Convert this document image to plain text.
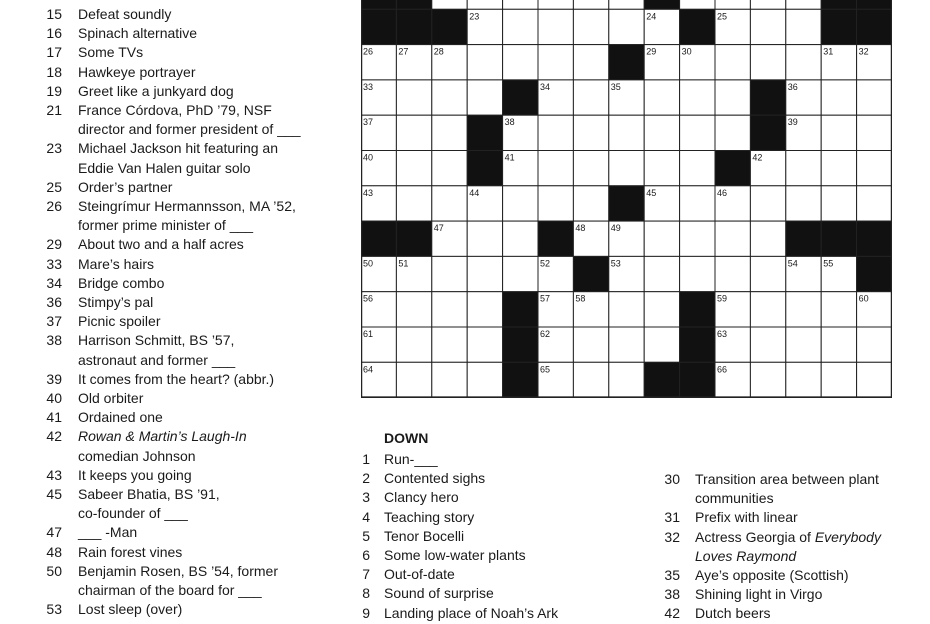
15 Defeat soundly
16 Spinach alternative
17 Some TVs
18 Hawkeye portrayer
19 Greet like a junkyard dog
21 France Córdova, PhD ’79, NSF
director and former president of ___
23 Michael Jackson hit featuring an
Eddie Van Halen guitar solo
25 Order’s partner
26 Steingrímur Hermannsson, MA ’52,
former prime minister of ___
29 About two and a half acres
33 Mare’s hairs
34 Bridge combo
36 Stimpy’s pal
37 Picnic spoiler
38 Harrison Schmitt, BS ’57,
astronaut and former ___
39 It comes from the heart? (abbr.)
40 Old orbiter
41 Ordained one
42 Rowan & Martin’s Laugh-In
comedian Johnson
43 It keeps you going
45 Sabeer Bhatia, BS ’91,
co-founder of ___
47 ___ -Man
48 Rain forest vines
50 Benjamin Rosen, BS ’54, former
chairman of the board for ___
53 Lost sleep (over)
23	24	25
26	27	28	29	30	31	32
33	34	35	36
37	38	39
40	41	42
43	44	45	46
47	48	49
50	51	52	53	54	55
56	57	58	59	60
61	62	63
64	65	66
DOWN
1 Run-___
2 Contented sighs
3 Clancy hero
4 Teaching story
5 Tenor Bocelli
6 Some low-water plants
7 Out-of-date
8 Sound of surprise
9 Landing place of Noah’s Ark
30 Transition area between plant
communities
31 Prefix with linear
32 Actress Georgia of Everybody
Loves Raymond
35 Aye’s opposite (Scottish)
38 Shining light in Virgo
42 Dutch beers
